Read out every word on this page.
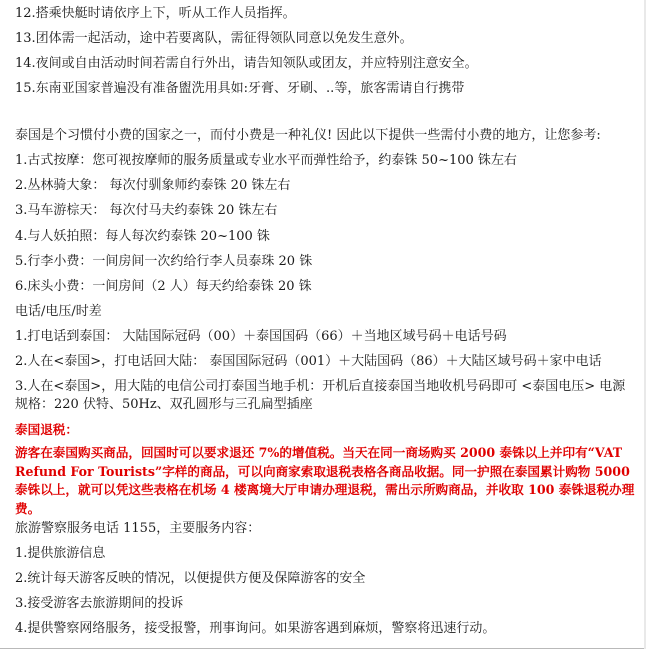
12.搭乘快艇时请依序上下，听从工作人员指挥。
13.团体需一起活动，途中若要离队，需征得领队同意以免发生意外。
14.夜间或自由活动时间若需自行外出，请告知领队或团友，并应特别注意安全。
15.东南亚国家普遍没有准备盥洗用具如:牙膏、牙刷、..等，旅客需请自行携带
泰国是个习惯付小费的国家之一，而付小费是一种礼仪! 因此以下提供一些需付小费的地方，让您参考:
1.古式按摩：您可视按摩师的服务质量或专业水平而弹性给予，约泰铢 50~100 铢左右
2.丛林骑大象： 每次付驯象师约泰铢 20 铢左右
3.马车游棕天： 每次付马夫约泰铢 20 铢左右
4.与人妖拍照：每人每次约泰铢 20~100 铢
5.行李小费：一间房间一次约给行李人员泰珠 20 铢
6.床头小费：一间房间（2 人）每天约给泰铢 20 铢
电话/电压/时差
1.打电话到泰国： 大陆国际冠码（00）＋泰国国码（66）＋当地区域号码＋电话号码
2.人在<泰国>，打电话回大陆： 泰国国际冠码（001）＋大陆国码（86）＋大陆区域号码＋家中电话
3.人在<泰国>，用大陆的电信公司打泰国当地手机：开机后直接泰国当地收机号码即可 <泰国电压> 电源规格：220 伏特、50Hz、双孔圆形与三孔扁型插座
泰国退税：
游客在泰国购买商品，回国时可以要求退还 7%的增值税。当天在同一商场购买 2000 泰铢以上并印有“VAT Refund For Tourists”字样的商品，可以向商家索取退税表格各商品收据。同一护照在泰国累计购物 5000 泰铢以上，就可以凭这些表格在机场 4 楼离境大厅申请办理退税，需出示所购商品，并收取 100 泰铢退税办理费。
旅游警察服务电话 1155，主要服务内容：
1.提供旅游信息
2.统计每天游客反映的情况，以便提供方便及保障游客的安全
3.接受游客去旅游期间的投诉
4.提供警察网络服务，接受报警，刑事询问。如果游客遇到麻烦，警察将迅速行动。
